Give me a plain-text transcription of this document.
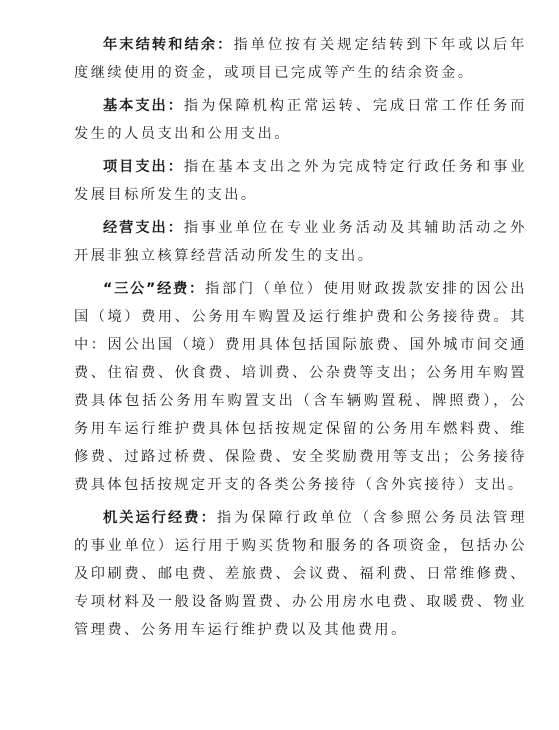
年末结转和结余：指单位按有关规定结转到下年或以后年度继续使用的资金，或项目已完成等产生的结余资金。

基本支出：指为保障机构正常运转、完成日常工作任务而发生的人员支出和公用支出。

项目支出：指在基本支出之外为完成特定行政任务和事业发展目标所发生的支出。

经营支出：指事业单位在专业业务活动及其辅助活动之外开展非独立核算经营活动所发生的支出。

“三公”经费：指部门（单位）使用财政拨款安排的因公出国（境）费用、公务用车购置及运行维护费和公务接待费。其中：因公出国（境）费用具体包括国际旅费、国外城市间交通费、住宿费、伙食费、培训费、公杂费等支出；公务用车购置费具体包括公务用车购置支出（含车辆购置税、牌照费），公务用车运行维护费具体包括按规定保留的公务用车燃料费、维修费、过路过桥费、保险费、安全奖励费用等支出；公务接待费具体包括按规定开支的各类公务接待（含外宾接待）支出。

机关运行经费：指为保障行政单位（含参照公务员法管理的事业单位）运行用于购买货物和服务的各项资金，包括办公及印刷费、邮电费、差旅费、会议费、福利费、日常维修费、专项材料及一般设备购置费、办公用房水电费、取暖费、物业管理费、公务用车运行维护费以及其他费用。
